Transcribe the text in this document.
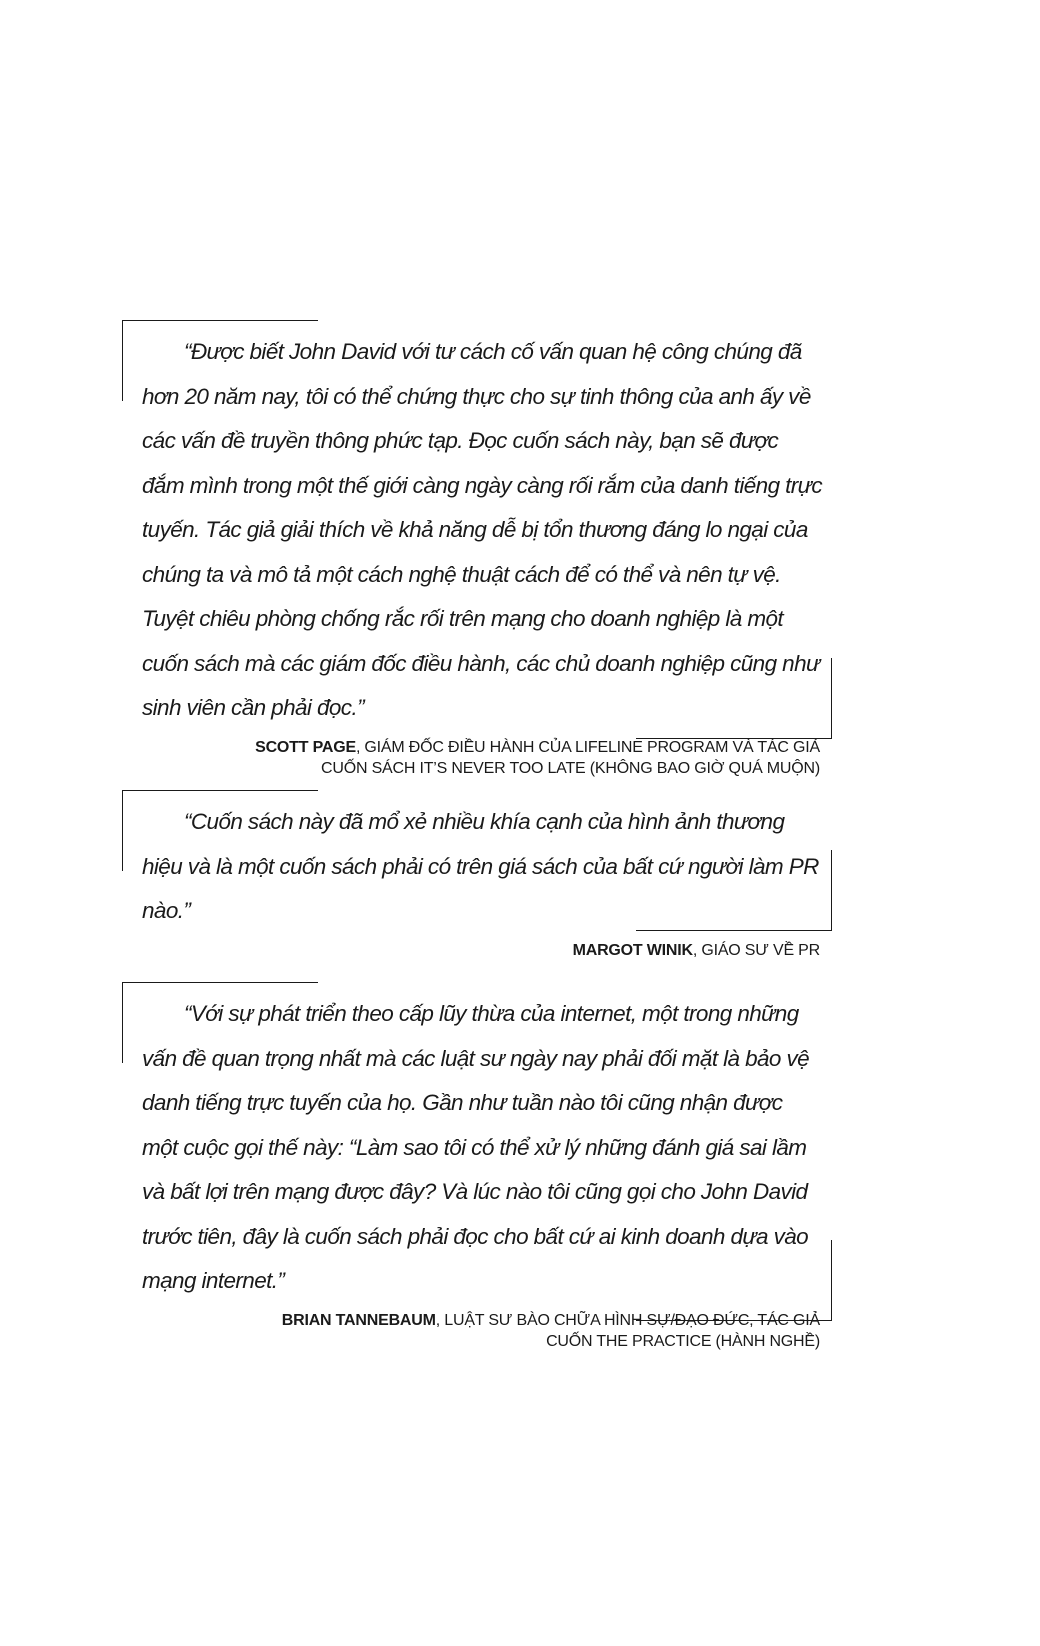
“Được biết John David với tư cách cố vấn quan hệ công chúng đã hơn 20 năm nay, tôi có thể chứng thực cho sự tinh thông của anh ấy về các vấn đề truyền thông phức tạp. Đọc cuốn sách này, bạn sẽ được đắm mình trong một thế giới càng ngày càng rối rắm của danh tiếng trực tuyến. Tác giả giải thích về khả năng dễ bị tổn thương đáng lo ngại của chúng ta và mô tả một cách nghệ thuật cách để có thể và nên tự vệ. Tuyệt chiêu phòng chống rắc rối trên mạng cho doanh nghiệp là một cuốn sách mà các giám đốc điều hành, các chủ doanh nghiệp cũng như sinh viên cần phải đọc.”

SCOTT PAGE, GIÁM ĐỐC ĐIỀU HÀNH CỦA LIFELINE PROGRAM VÀ TÁC GIẢ
CUỐN SÁCH IT’S NEVER TOO LATE (KHÔNG BAO GIỜ QUÁ MUỘN)

“Cuốn sách này đã mổ xẻ nhiều khía cạnh của hình ảnh thương hiệu và là một cuốn sách phải có trên giá sách của bất cứ người làm PR nào.”

MARGOT WINIK, GIÁO SƯ VỀ PR

“Với sự phát triển theo cấp lũy thừa của internet, một trong những vấn đề quan trọng nhất mà các luật sư ngày nay phải đối mặt là bảo vệ danh tiếng trực tuyến của họ. Gần như tuần nào tôi cũng nhận được một cuộc gọi thế này: “Làm sao tôi có thể xử lý những đánh giá sai lầm và bất lợi trên mạng được đây? Và lúc nào tôi cũng gọi cho John David trước tiên, đây là cuốn sách phải đọc cho bất cứ ai kinh doanh dựa vào mạng internet.”

BRIAN TANNEBAUM, LUẬT SƯ BÀO CHỮA HÌNH SỰ/ĐẠO ĐỨC, TÁC GIẢ
CUỐN THE PRACTICE (HÀNH NGHỀ)
